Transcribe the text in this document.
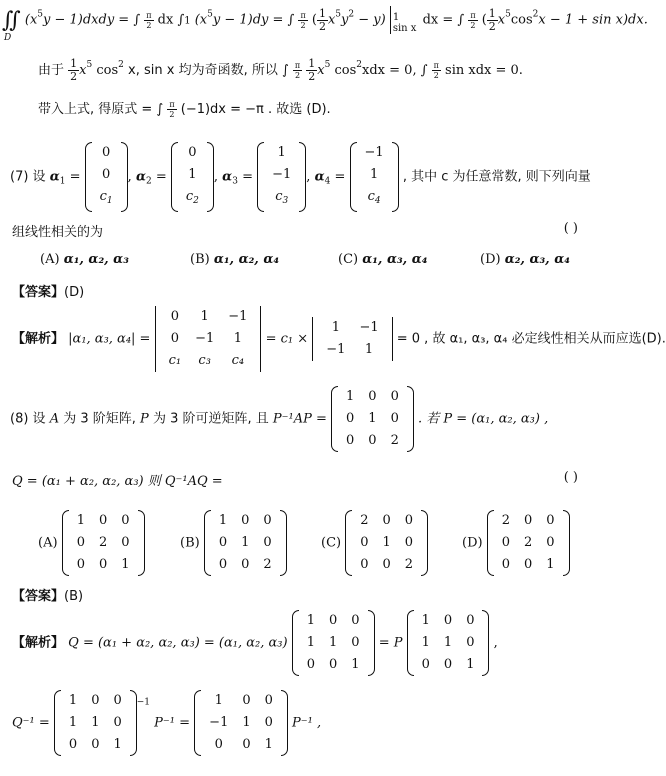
∬
D
($x^5y$ − 1)dxdy = ∫ $\frac{\pi}{2}$ dx ∫1 $(x^5y - 1)dy$ = ∫ $\frac{\pi}{2}$ ( $\frac{1}{2} x^5y^2 - y$) 1
sin x
dx = ∫ $\frac{\pi}{2}$ ( $\frac{1}{2} x^5\cos^2x - 1 + \sin x)dx$.
由于 $\frac{1}{2} x^5$ $\cos^2 x$, sin x 均为奇函数, 所以 ∫ $\frac{\pi}{2}$
$\frac{1}{2} x^5$ $\cos^2xdx = 0$, ∫ $\frac{\pi}{2}$ sin xdx = 0.
带入上式, 得原式 = ∫ $\frac{\pi}{2} (-1)dx = -\pi$ . 故选 (D).
(7) 设 $\alpha_1$ =
0
0
$c_1$
, $\alpha_2$ =
0
1
$c_2$
, $\alpha_3$ =
1
−1
$c_3$
, $\alpha_4$ =
−1
1
$c_4$
, 其中 c 为任意常数, 则下列向量
组线性相关的为	( )
(A) α₁, α₂, α₃	(B) α₁, α₂, α₄	(C) α₁, α₃, α₄	(D) α₂, α₃, α₄
【答案】(D)
【解析】 |α₁, α₃, α₄| =
0	1	−1
0	−1	1
c₁	c₃	c₄
= c₁ ×
1	−1
−1	1
= 0 , 故 α₁, α₃, α₄ 必定线性相关从而应选(D).
(8) 设 A 为 3 阶矩阵, P 为 3 阶可逆矩阵, 且 P⁻¹AP =
1	0	0
0	1	0
0	0	2
. 若 P = (α₁, α₂, α₃) ,
Q = (α₁ + α₂, α₂, α₃) 则 Q⁻¹AQ =	( )
(A)
1	0	0
0	2	0
0	0	1
(B)
1	0	0
0	1	0
0	0	2
(C)
2	0	0
0	1	0
0	0	2
(D)
2	0	0
0	2	0
0	0	1
【答案】(B)
【解析】 Q = (α₁ + α₂, α₂, α₃) = (α₁, α₂, α₃)
1	0	0
1	1	0
0	0	1
= P
1	0	0
1	1	0
0	0	1
,
Q⁻¹ =
1	0	0
1	1	0
0	0	1
$^{-1}$ P⁻¹ =
1	0	0
−1	1	0
0	0	1
P⁻¹ ,
